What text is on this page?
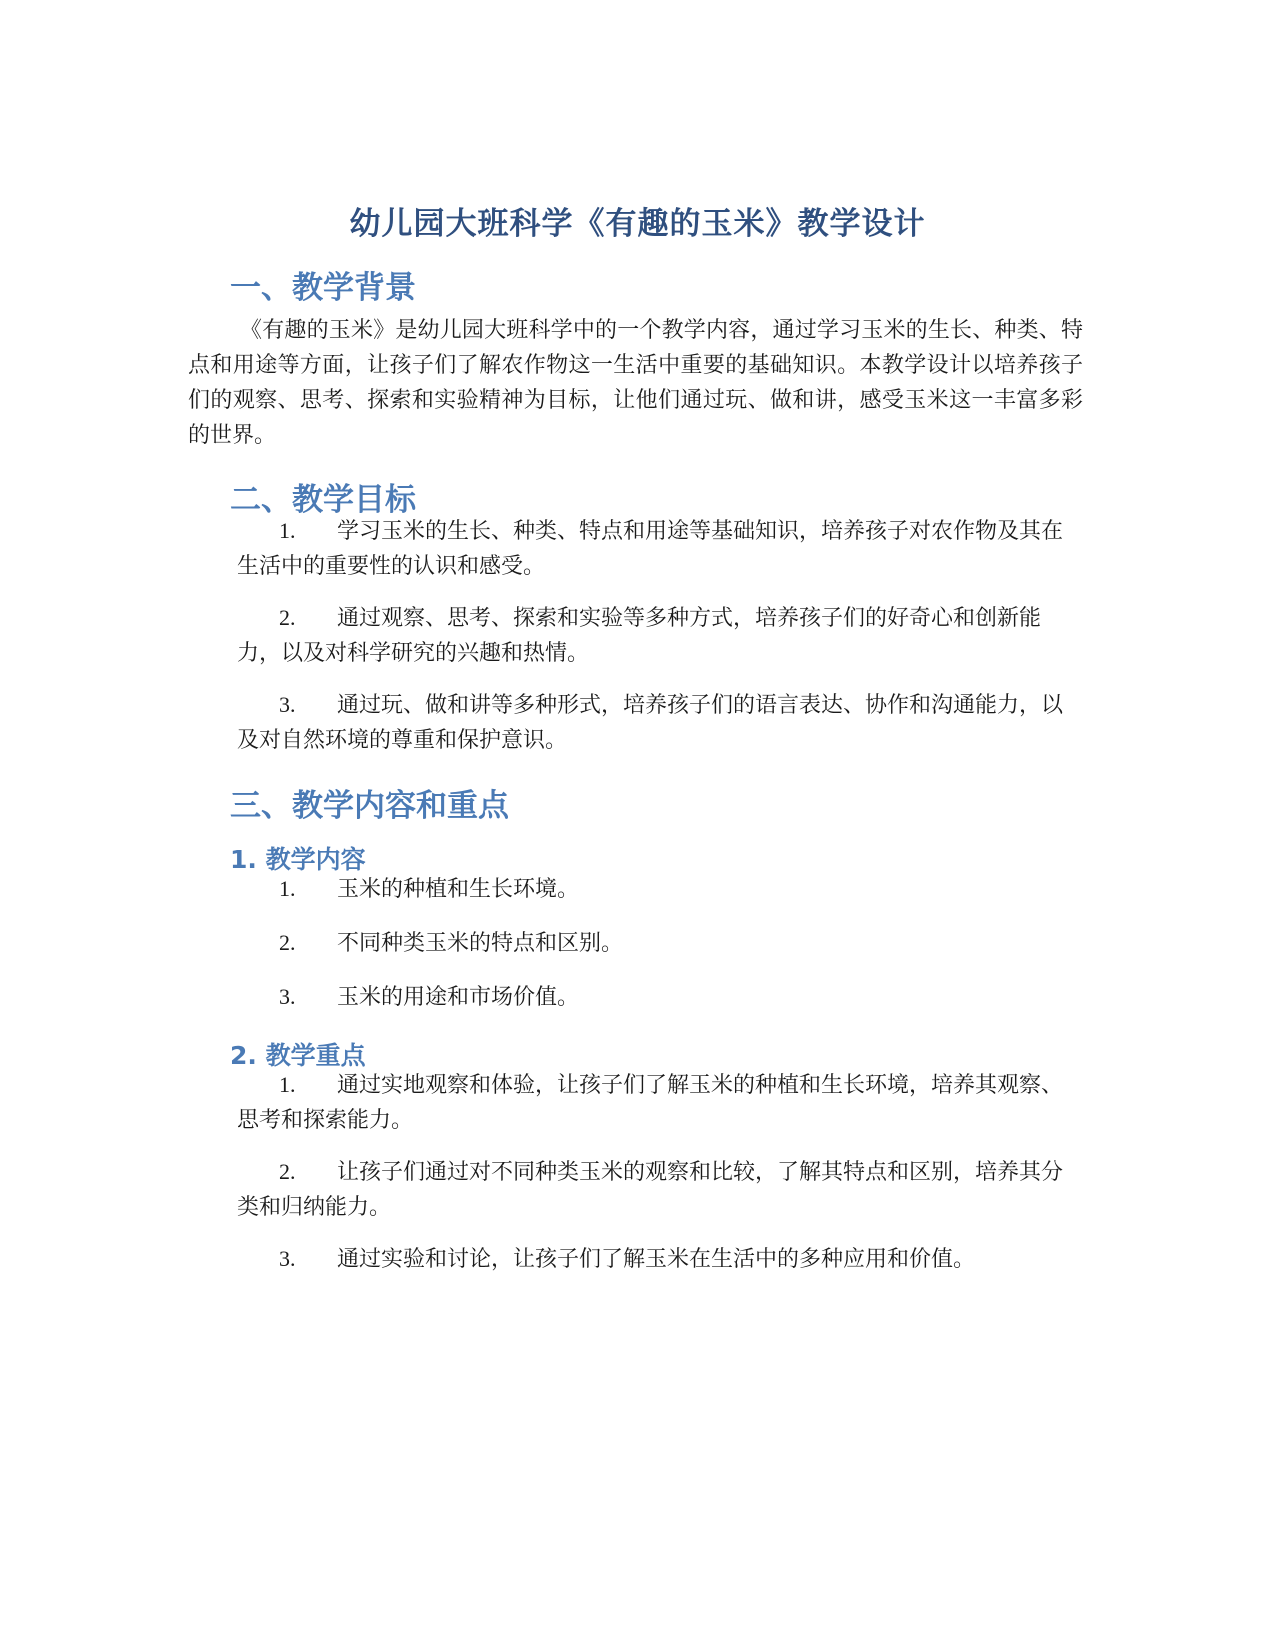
幼儿园大班科学《有趣的玉米》教学设计
一、教学背景

《有趣的玉米》是幼儿园大班科学中的一个教学内容，通过学习玉米的生长、种类、特点和用途等方面，让孩子们了解农作物这一生活中重要的基础知识。本教学设计以培养孩子们的观察、思考、探索和实验精神为目标，让他们通过玩、做和讲，感受玉米这一丰富多彩的世界。

二、教学目标

1. 学习玉米的生长、种类、特点和用途等基础知识，培养孩子对农作物及其在生活中的重要性的认识和感受。

2. 通过观察、思考、探索和实验等多种方式，培养孩子们的好奇心和创新能力，以及对科学研究的兴趣和热情。

3. 通过玩、做和讲等多种形式，培养孩子们的语言表达、协作和沟通能力，以及对自然环境的尊重和保护意识。

三、教学内容和重点
1. 教学内容

1. 玉米的种植和生长环境。

2. 不同种类玉米的特点和区别。

3. 玉米的用途和市场价值。

2. 教学重点

1. 通过实地观察和体验，让孩子们了解玉米的种植和生长环境，培养其观察、思考和探索能力。

2. 让孩子们通过对不同种类玉米的观察和比较，了解其特点和区别，培养其分类和归纳能力。

3. 通过实验和讨论，让孩子们了解玉米在生活中的多种应用和价值。
